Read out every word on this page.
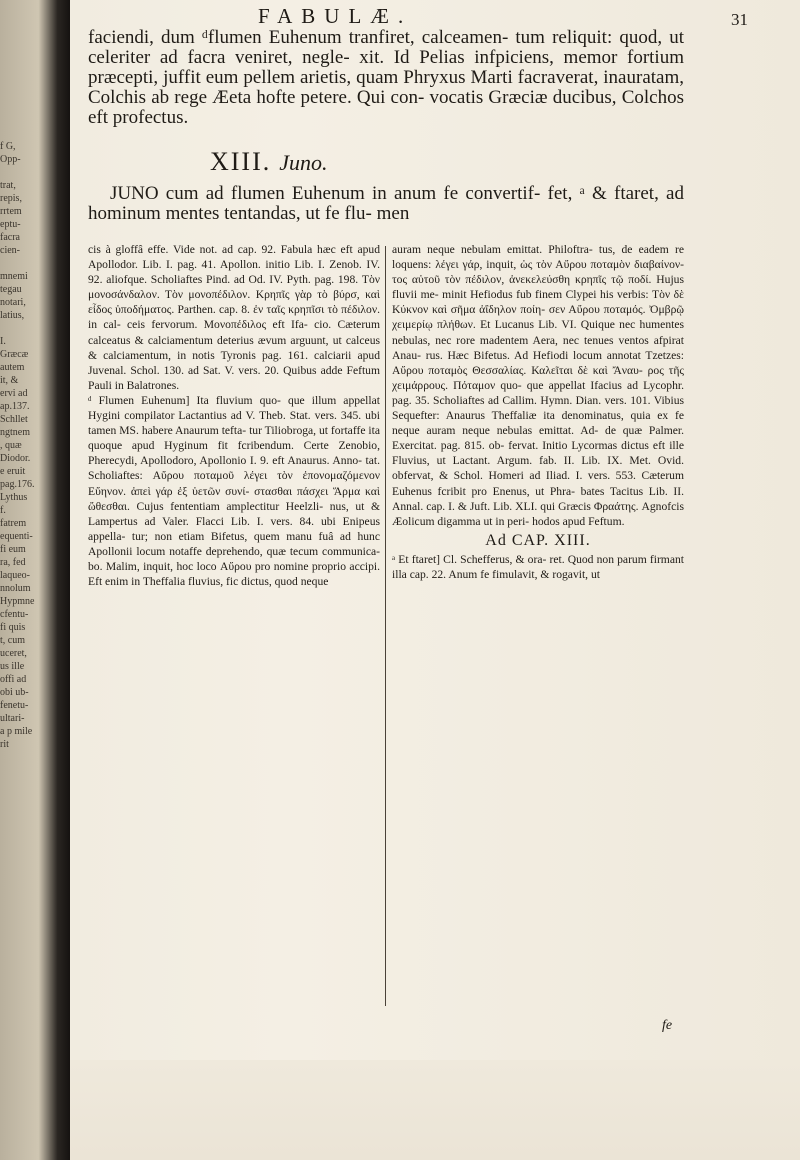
f G,
Opp-

trat,
repis,
rrtem
eptu-
facra
cien-

mnemi
tegau
notari,
latius,

I.
Græcæ
autem
it, &
ervi ad
ap.137.
Schllet
ngtnem
, quæ
Diodor.
e eruit
pag.176.
Lythus
f.
fatrem
equenti-
fi eum
ra, fed
laqueo-
nnolum
Hypmne
cfentu-
fi quis
t, cum
uceret,
us ille
offi ad
obi ub-
fenetu-
ultari-
a p mile
rit
FABULÆ.	31

faciendi, dum ᵈflumen Euhenum tranfiret, calceamen- tum reliquit: quod, ut celeriter ad facra veniret, negle- xit. Id Pelias infpiciens, memor fortium præcepti, juffit eum pellem arietis, quam Phryxus Marti facraverat, inauratam, Colchis ab rege Æeta hofte petere. Qui con- vocatis Græciæ ducibus, Colchos eft profectus.

XIII. Juno.

JUNO cum ad flumen Euhenum in anum fe convertif- fet, ᵃ & ftaret, ad hominum mentes tentandas, ut fe flu- men

cis à gloffâ effe. Vide not. ad cap. 92. Fabula hæc eft apud Apollodor. Lib. I. pag. 41. Apollon. initio Lib. I. Zenob. IV. 92. aliofque. Scholiaftes Pind. ad Od. IV. Pyth. pag. 198. Τὸν μονοσάνδαλον. Τὸν μονοπέδιλον. Κρηπῖς γὰρ τὸ βύρσ, καὶ εἶδος ὑποδήματος. Parthen. cap. 8. ἐν ταῖς κρηπῖσι τὸ πέδιλον. in cal- ceis fervorum. Μονοπέδιλος eft Ifa- cio. Cæterum calceatus & calciamentum deterius ævum arguunt, ut calceus & calciamentum, in notis Tyronis pag. 161. calciarii apud Juvenal. Schol. 130. ad Sat. V. vers. 20. Quibus adde Feftum Pauli in Balatrones.

ᵈ Flumen Euhenum] Ita fluvium quo- que illum appellat Hygini compilator Lactantius ad V. Theb. Stat. vers. 345. ubi tamen MS. habere Anaurum tefta- tur Tiliobroga, ut fortaffe ita quoque apud Hyginum fit fcribendum. Certe Zenobio, Pherecydi, Apollodoro, Apollonio I. 9. eft Anaurus. Anno- tat. Scholiaftes: Αὔρου ποταμοῦ λέγει τὸν ἐπονομαζόμενον Εὔηνον. ἀπεὶ γάρ ἐξ ὑετῶν συνί- στασθαι πάσχει Ἅρμα καὶ ὥθεσθαι. Cujus fententiam amplectitur Heelzli- nus, ut & Lampertus ad Valer. Flacci Lib. I. vers. 84. ubi Enipeus appella- tur; non etiam Bifetus, quem manu fuâ ad hunc Apollonii locum notaffe deprehendo, quæ tecum communica- bo. Malim, inquit, hoc loco Αὔρου pro nomine proprio accipi. Eft enim in Theffalia fluvius, fic dictus, quod neque

auram neque nebulam emittat. Philoftra- tus, de eadem re loquens: λέγει γάρ, inquit, ὡς τὸν Αὔρου ποταμὸν διαβαίνον- τος αὐτοῦ τὸν πέδιλον, ἀνεκελεύσθη κρηπῖς τῷ ποδί. Hujus fluvii me- minit Hefiodus fub finem Clypei his verbis: Τὸν δὲ Κύκνον καὶ σῆμα ἀΐδηλον ποίη- σεν Αὔρου ποταμός. Ὀμβρῷ χειμερίῳ πλήθων. Et Lucanus Lib. VI. Quique nec humentes nebulas, nec rore madentem Aera, nec tenues ventos afpirat Anau- rus. Hæc Bifetus. Ad Hefiodi locum annotat Tzetzes: Αὔρου ποταμὸς Θεσσαλίας. Καλεῖται δὲ καὶ Ἄναυ- ρος τῆς χειμάρρους. Πόταμον quo- que appellat Ifacius ad Lycophr. pag. 35. Scholiaftes ad Callim. Hymn. Dian. vers. 101. Vibius Sequefter: Anaurus Theffaliæ ita denominatus, quia ex fe neque auram neque nebulas emittat. Ad- de quæ Palmer. Exercitat. pag. 815. ob- fervat. Initio Lycormas dictus eft ille Fluvius, ut Lactant. Argum. fab. II. Lib. IX. Met. Ovid. obfervat, & Schol. Homeri ad Iliad. I. vers. 553. Cæterum Euhenus fcribit pro Enenus, ut Phra- bates Tacitus Lib. II. Annal. cap. I. & Juft. Lib. XLI. qui Græcis Φραάτης. Agnofcis Æolicum digamma ut in peri- hodos apud Feftum.

Ad CAP. XIII.

ᵃ Et ftaret] Cl. Schefferus, & ora- ret. Quod non parum firmant illa cap. 22. Anum fe fimulavit, & rogavit, ut

fe
